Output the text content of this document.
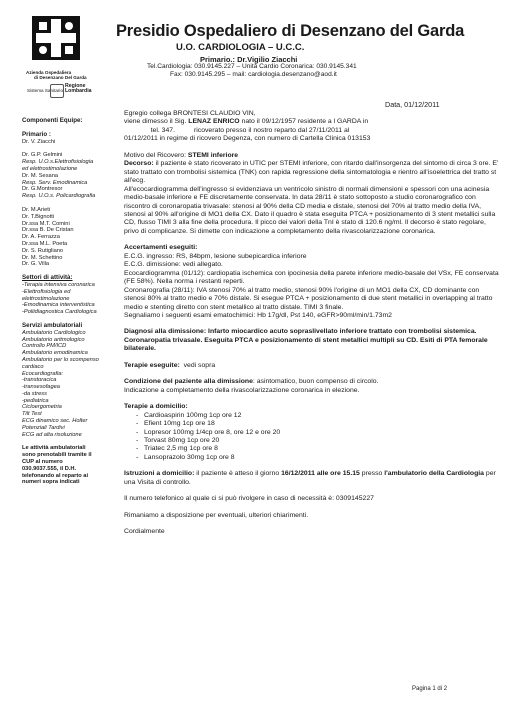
Azienda Ospedaliera
di Desenzano Del Garda
Sistema Sanitario
Regione
Lombardia
Presidio Ospedaliero di Desenzano del Garda
U.O. CARDIOLOGIA – U.C.C.
Primario.: Dr.Vigilio Ziacchi
Tel.Cardiologia: 030.9145.227 – Unità Cardio Coronarica: 030.9145.341
Fax: 030.9145.295 – mail: cardiologia.desenzano@aod.it
Data, 01/12/2011
Componenti Equipe:
Primario :
Dr. V. Ziacchi
Dr. G.P. Gelmini
Resp. U.O.s.Elettrofisiologia
ed elettrostimolazione
Dr. M. Sesana
Resp. Serv. Emodinamica
Dr. G.Montresor
Resp. U.O.s. Policardiografia
Dr. M.Arieti
Dr. T.Bignotti
Dr.ssa M.T. Comini
Dr.ssa B. De Cristan
Dr. A. Ferrazza
Dr.ssa M.L. Poeta
Dr. S. Rutigliano
Dr. M. Schettino
Dr. G. Villa
Settori di attività:
-Terapia intensiva coronarica
-Elettrofisiologia ed
elettrostimolazione
-Emodinamica interventistica
-Poliidiagnostica Cardiologica
Servizi ambulatoriali
Ambulatorio Cardiologico
Ambulatorio aritmologico
Controllo PM/ICD
Ambulatorio emodinamica
Ambulatorio per lo scompenso
cardiaco
Ecocardiografia:
-transtoracica
-transesofagea
-da stress
-pediatrica
Cicloergometria
Tilt Test
ECG dinamico sec. Holter
Potenziali Tardivi
ECG ad alta risoluzione
Le attività ambulatoriali
sono prenotabili tramite il
CUP al numero
030.9037.555, il D.H.
telefonando al reparto ai
numeri sopra indicati

Egregio collega BRONTESI CLAUDIO VIN,

viene dimesso il Sig. LENAZ ENRICO nato il 09/12/1957 residente a l GARDA in

tel. 347.          ricoverato presso il nostro reparto dal 27/11/2011 al

01/12/2011 in regime di ricovero Degenza, con numero di Cartella Clinica 013153

Motivo del Ricovero: STEMI inferiore

Decorso: il paziente è stato ricoverato in UTIC per STEMI inferiore, con ritardo dall'insorgenza del sintomo di circa 3 ore. E' stato trattato con trombolisi sistemica (TNK) con rapida regressione della sintomatologia e rientro all'isoelettrica del tratto st all'ecg.

All'ecocardiogramma dell'ingresso si evidenziava un ventricolo sinistro di normali dimensioni e spessori con una acinesia medio-basale inferiore e FE discretamente conservata. In data 28/11 è stato sottoposto a studio coronarografico con riscontro di coronaropatia trivasale: stenosi al 90% della CD media e distale, stenosi del 70% al tratto medio della IVA, stenosi al 90% all'origine di MO1 della CX. Dato il quadro è stata eseguita PTCA + posizionamento di 3 stent metallici sulla CD, flusso TIMI 3 alla fine della procedura. Il picco dei valori della TnI è stato di 120.6 ng/ml. Il decorso è stato regolare, privo di complicanze. Si dimette con indicazione a completamento della rivascolarizzazione coronarica.

Accertamenti eseguiti:

E.C.G. ingresso: RS, 84bpm, lesione subepicardica inferiore

E.C.G. dimissione: vedi allegato.

Ecocardiogramma (01/12): cardiopatia ischemica con ipocinesia della parete inferiore medio-basale del VSx, FE conservata (FE 58%). Nella norma i restanti reperti.

Coronarografia (28/11): IVA stenosi 70% al tratto medio, stenosi 90% l'origine di un MO1 della CX, CD dominante con stenosi 80% al tratto medio e 70% distale. Si esegue PTCA + posizionamento di due stent metallici in overlapping al tratto medio e stenting diretto con stent metallico al tratto distale. TIMI 3 finale.

Segnaliamo i seguenti esami ematochimici: Hb 17g/dl, Pst 140, eGFR>90ml/min/1.73m2

Diagnosi alla dimissione: Infarto miocardico acuto sopraslivellato inferiore trattato con trombolisi sistemica. Coronaropatia trivasale. Eseguita PTCA e posizionamento di stent metallici multipli su CD. Esiti di PTA femorale bilaterale.

Terapie eseguite:  vedi sopra

Condizione del paziente alla dimissione: asintomatico, buon compenso di circolo.

Indicazione a completamento della rivascolarizzazione coronarica in elezione.

Terapie a domicilio:

- Cardioaspirin 100mg 1cp ore 12
- Efient 10mg 1cp ore 18
- Lopresor 100mg 1/4cp ore 8, ore 12 e ore 20
- Torvast 80mg 1cp ore 20
- Triatec 2,5 mg 1cp ore 8
- Lansoprazolo 30mg 1cp ore 8

Istruzioni a domicilio: il paziente è atteso il giorno 16/12/2011 alle ore 15.15 presso l'ambulatorio della Cardiologia per una Visita di controllo.

Il numero telefonico al quale ci si può rivolgere in caso di necessità è: 0309145227

Rimaniamo a disposizione per eventuali, ulteriori chiarimenti.

Cordialmente

Pagina 1 di 2
